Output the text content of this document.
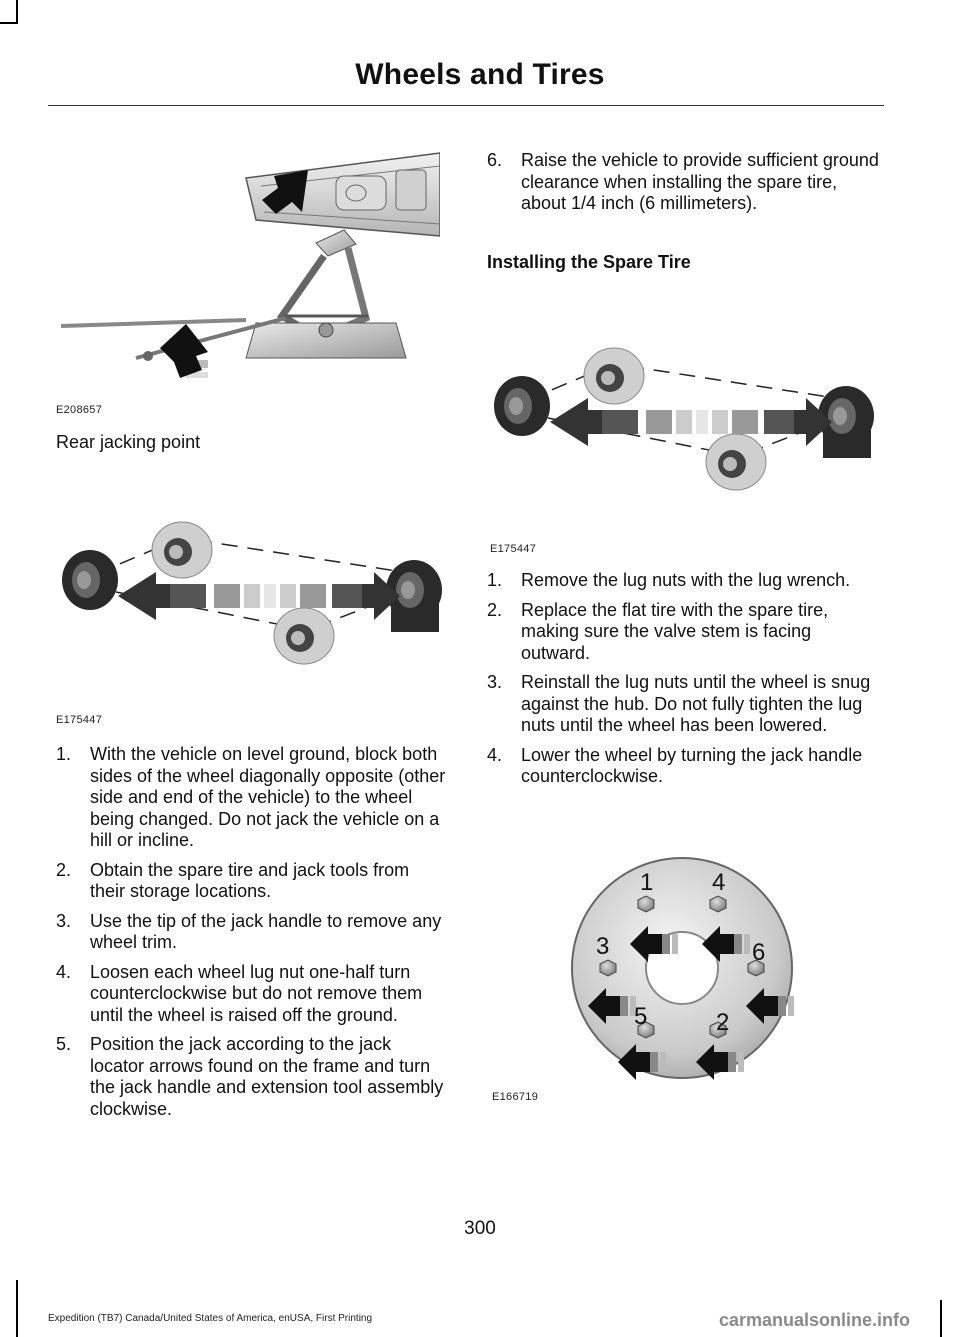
Wheels and Tires
E208657
Rear jacking point
E175447
1. With the vehicle on level ground, block both sides of the wheel diagonally opposite (other side and end of the vehicle) to the wheel being changed. Do not jack the vehicle on a hill or incline.
2. Obtain the spare tire and jack tools from their storage locations.
3. Use the tip of the jack handle to remove any wheel trim.
4. Loosen each wheel lug nut one-half turn counterclockwise but do not remove them until the wheel is raised off the ground.
5. Position the jack according to the jack locator arrows found on the frame and turn the jack handle and extension tool assembly clockwise.
6. Raise the vehicle to provide sufficient ground clearance when installing the spare tire, about 1/4 inch (6 millimeters).
Installing the Spare Tire
E175447
1. Remove the lug nuts with the lug wrench.
2. Replace the flat tire with the spare tire, making sure the valve stem is facing outward.
3. Reinstall the lug nuts until the wheel is snug against the hub. Do not fully tighten the lug nuts until the wheel has been lowered.
4. Lower the wheel by turning the jack handle counterclockwise.
1 4
3	6
5	2
E166719
300
Expedition (TB7) Canada/United States of America, enUSA, First Printing	carmanualsonline.info
